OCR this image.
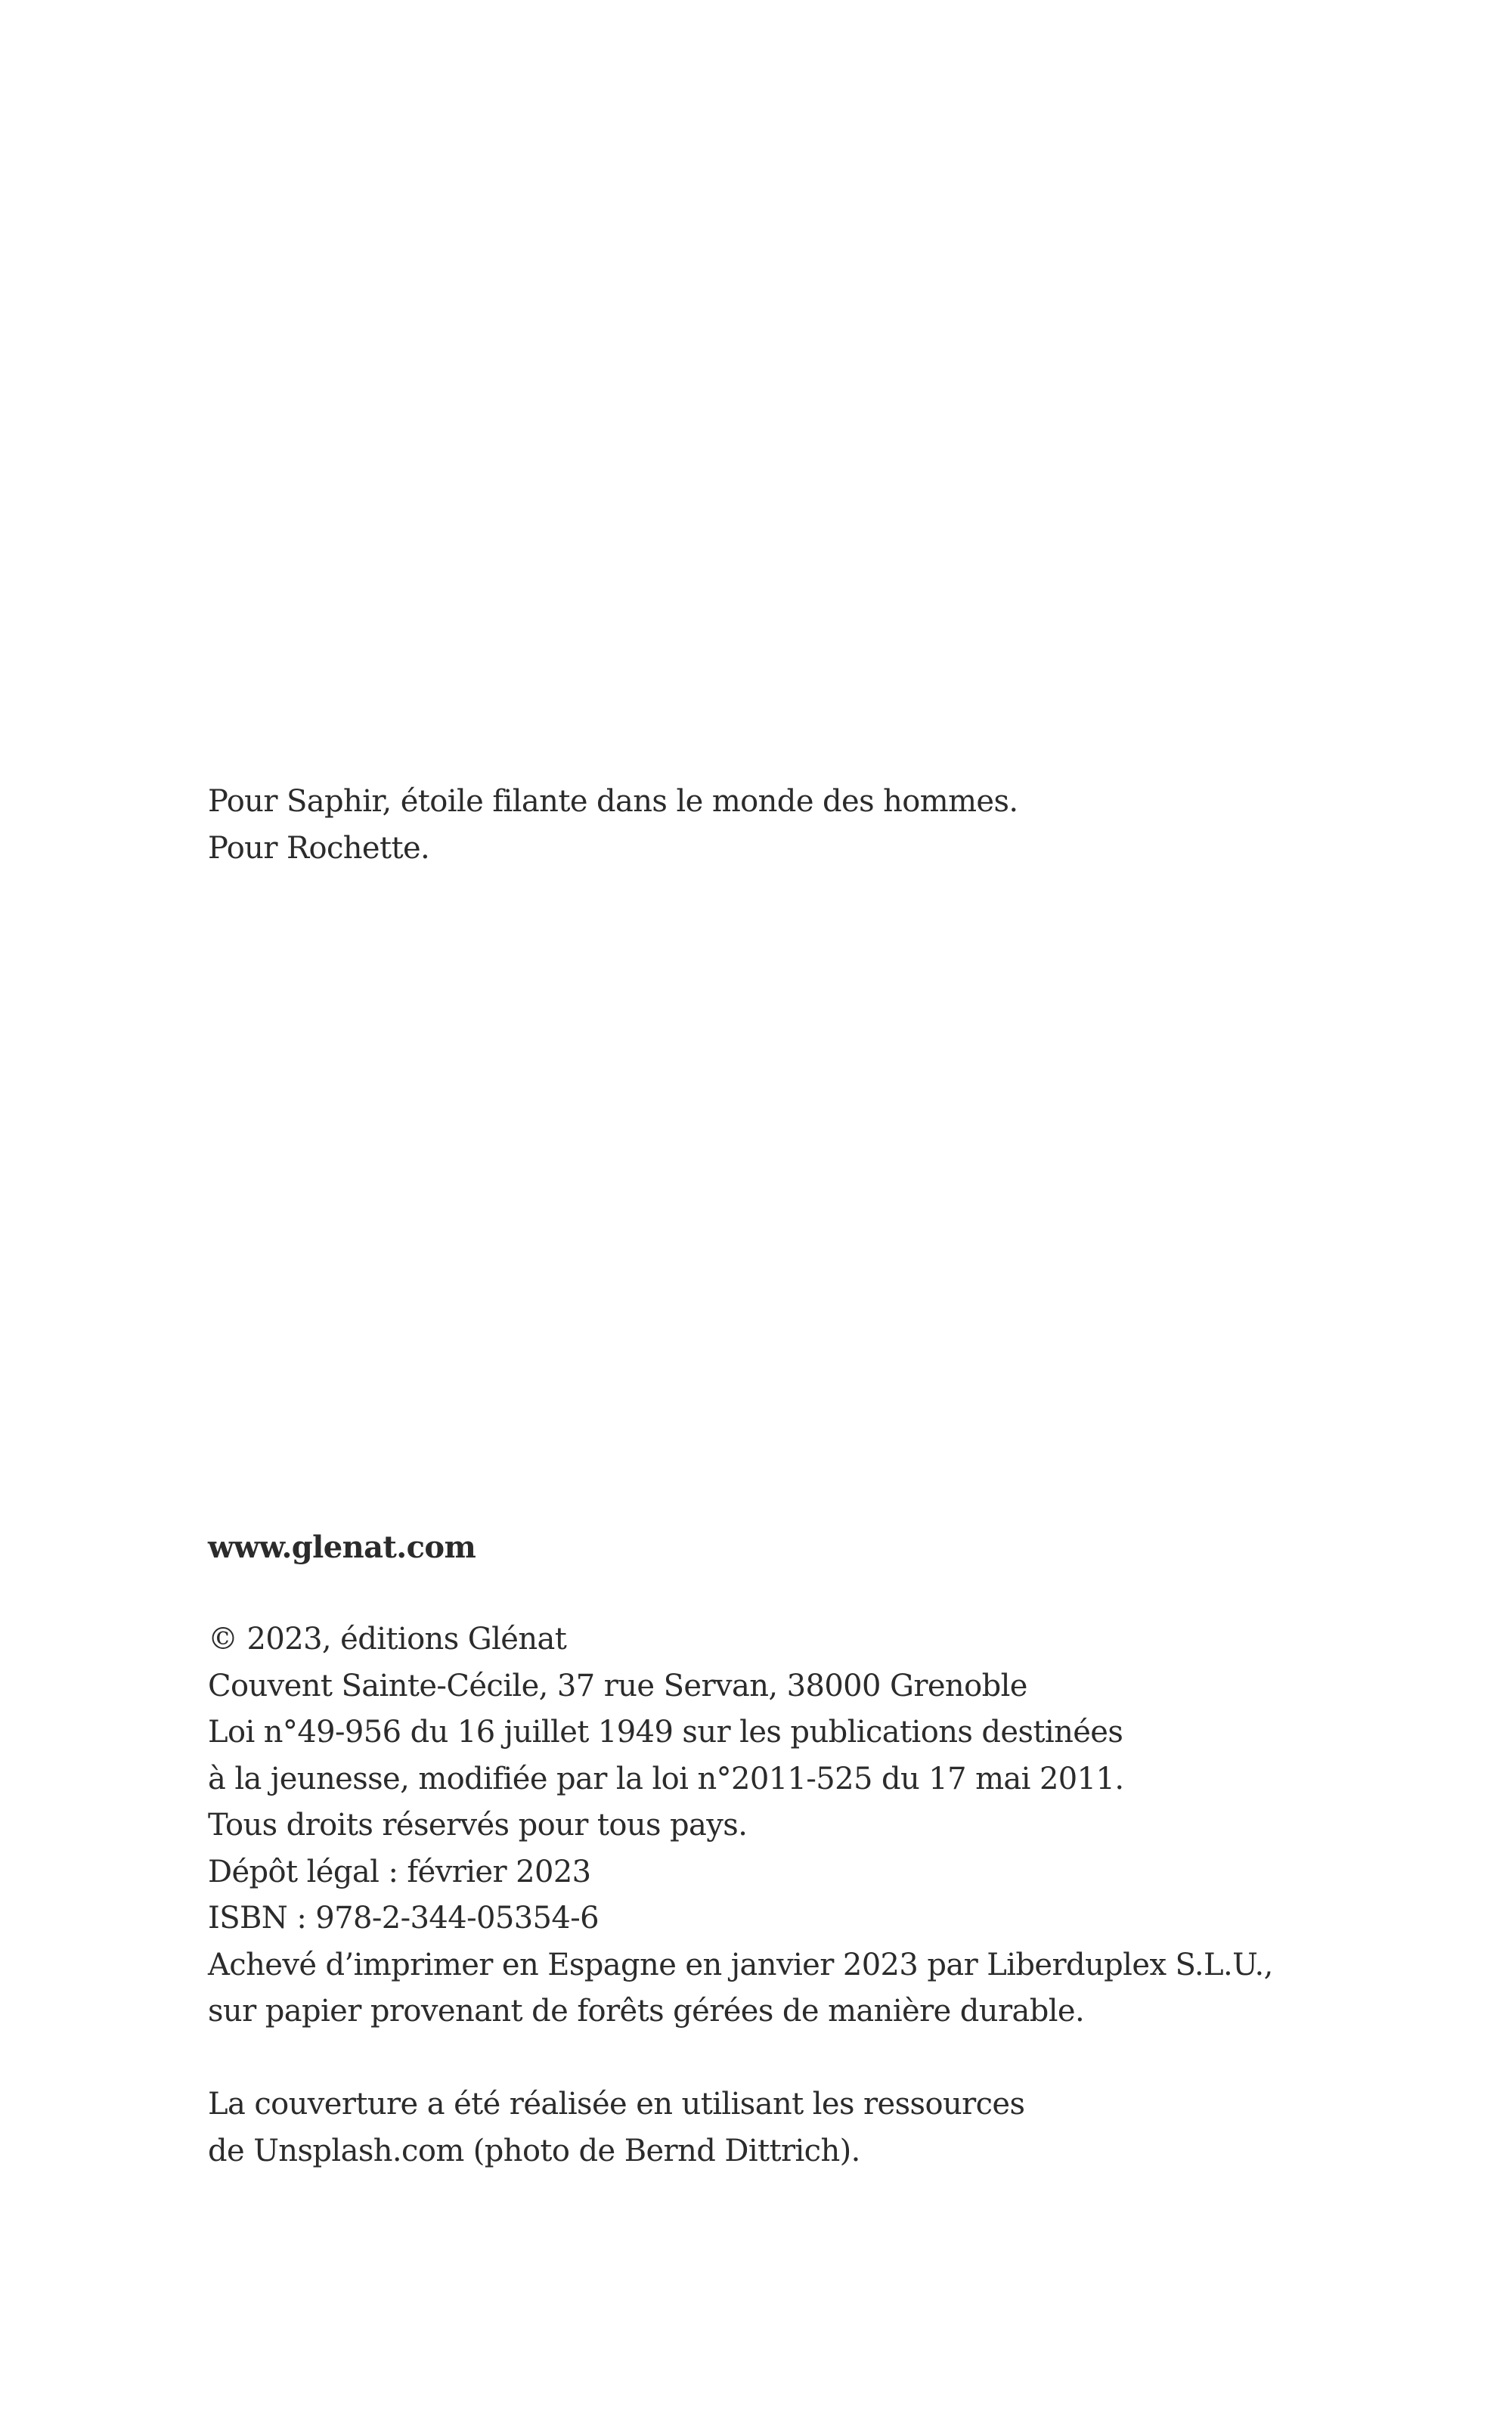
Pour Saphir, étoile filante dans le monde des hommes.
Pour Rochette.
www.glenat.com
© 2023, éditions Glénat
Couvent Sainte-Cécile, 37 rue Servan, 38000 Grenoble
Loi n°49-956 du 16 juillet 1949 sur les publications destinées
à la jeunesse, modifiée par la loi n°2011-525 du 17 mai 2011.
Tous droits réservés pour tous pays.
Dépôt légal : février 2023
ISBN : 978-2-344-05354-6
Achevé d’imprimer en Espagne en janvier 2023 par Liberduplex S.L.U.,
sur papier provenant de forêts gérées de manière durable.
La couverture a été réalisée en utilisant les ressources
de Unsplash.com (photo de Bernd Dittrich).
